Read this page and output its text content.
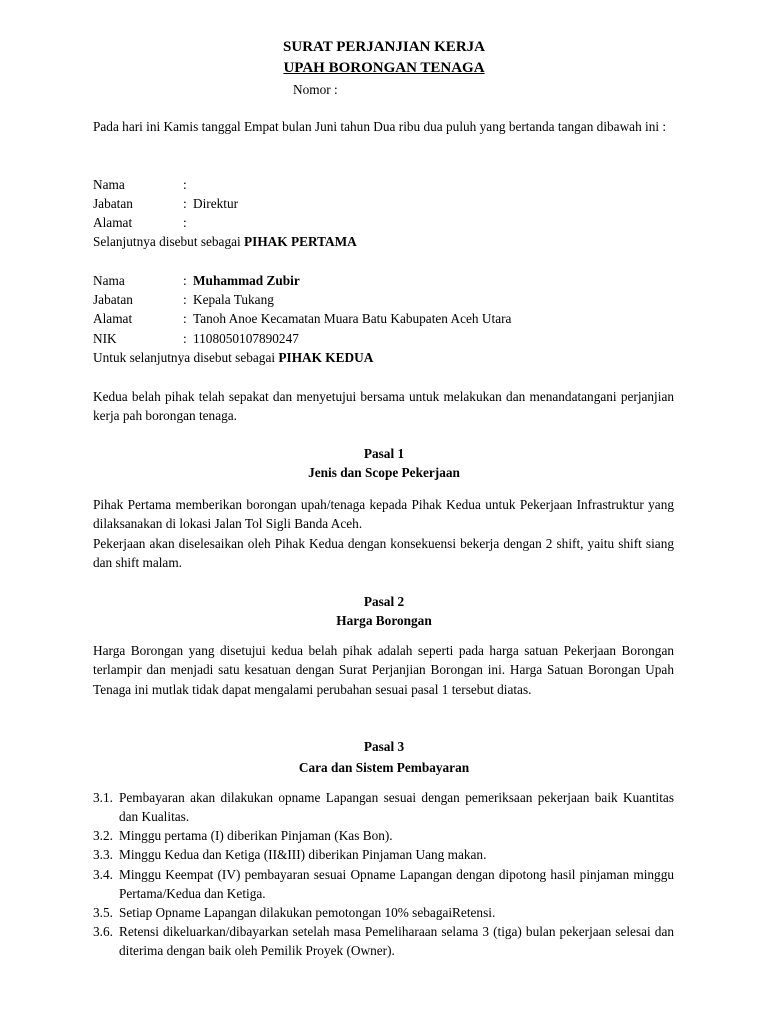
SURAT PERJANJIAN KERJA
UPAH BORONGAN TENAGA
Nomor :
Pada hari ini Kamis tanggal Empat bulan Juni tahun Dua ribu dua puluh yang bertanda tangan dibawah ini :
Nama	:
Jabatan	: Direktur
Alamat	:
Selanjutnya disebut sebagai PIHAK PERTAMA
Nama	: Muhammad Zubir
Jabatan	: Kepala Tukang
Alamat	: Tanoh Anoe Kecamatan Muara Batu Kabupaten Aceh Utara
NIK	: 1108050107890247
Untuk selanjutnya disebut sebagai PIHAK KEDUA
Kedua belah pihak telah sepakat dan menyetujui bersama untuk melakukan dan menandatangani perjanjian kerja pah borongan tenaga.
Pasal 1
Jenis dan Scope Pekerjaan
Pihak Pertama memberikan borongan upah/tenaga kepada Pihak Kedua untuk Pekerjaan Infrastruktur yang dilaksanakan di lokasi Jalan Tol Sigli Banda Aceh.
Pekerjaan akan diselesaikan oleh Pihak Kedua dengan konsekuensi bekerja dengan 2 shift, yaitu shift siang dan shift malam.
Pasal 2
Harga Borongan
Harga Borongan yang disetujui kedua belah pihak adalah seperti pada harga satuan Pekerjaan Borongan terlampir dan menjadi satu kesatuan dengan Surat Perjanjian Borongan ini. Harga Satuan Borongan Upah Tenaga ini mutlak tidak dapat mengalami perubahan sesuai pasal 1 tersebut diatas.
Pasal 3
Cara dan Sistem Pembayaran
3.1. Pembayaran akan dilakukan opname Lapangan sesuai dengan pemeriksaan pekerjaan baik Kuantitas dan Kualitas.
3.2. Minggu pertama (I) diberikan Pinjaman (Kas Bon).
3.3. Minggu Kedua dan Ketiga (II&III) diberikan Pinjaman Uang makan.
3.4. Minggu Keempat (IV) pembayaran sesuai Opname Lapangan dengan dipotong hasil pinjaman minggu Pertama/Kedua dan Ketiga.
3.5. Setiap Opname Lapangan dilakukan pemotongan 10% sebagaiRetensi.
3.6. Retensi dikeluarkan/dibayarkan setelah masa Pemeliharaan selama 3 (tiga) bulan pekerjaan selesai dan diterima dengan baik oleh Pemilik Proyek (Owner).
